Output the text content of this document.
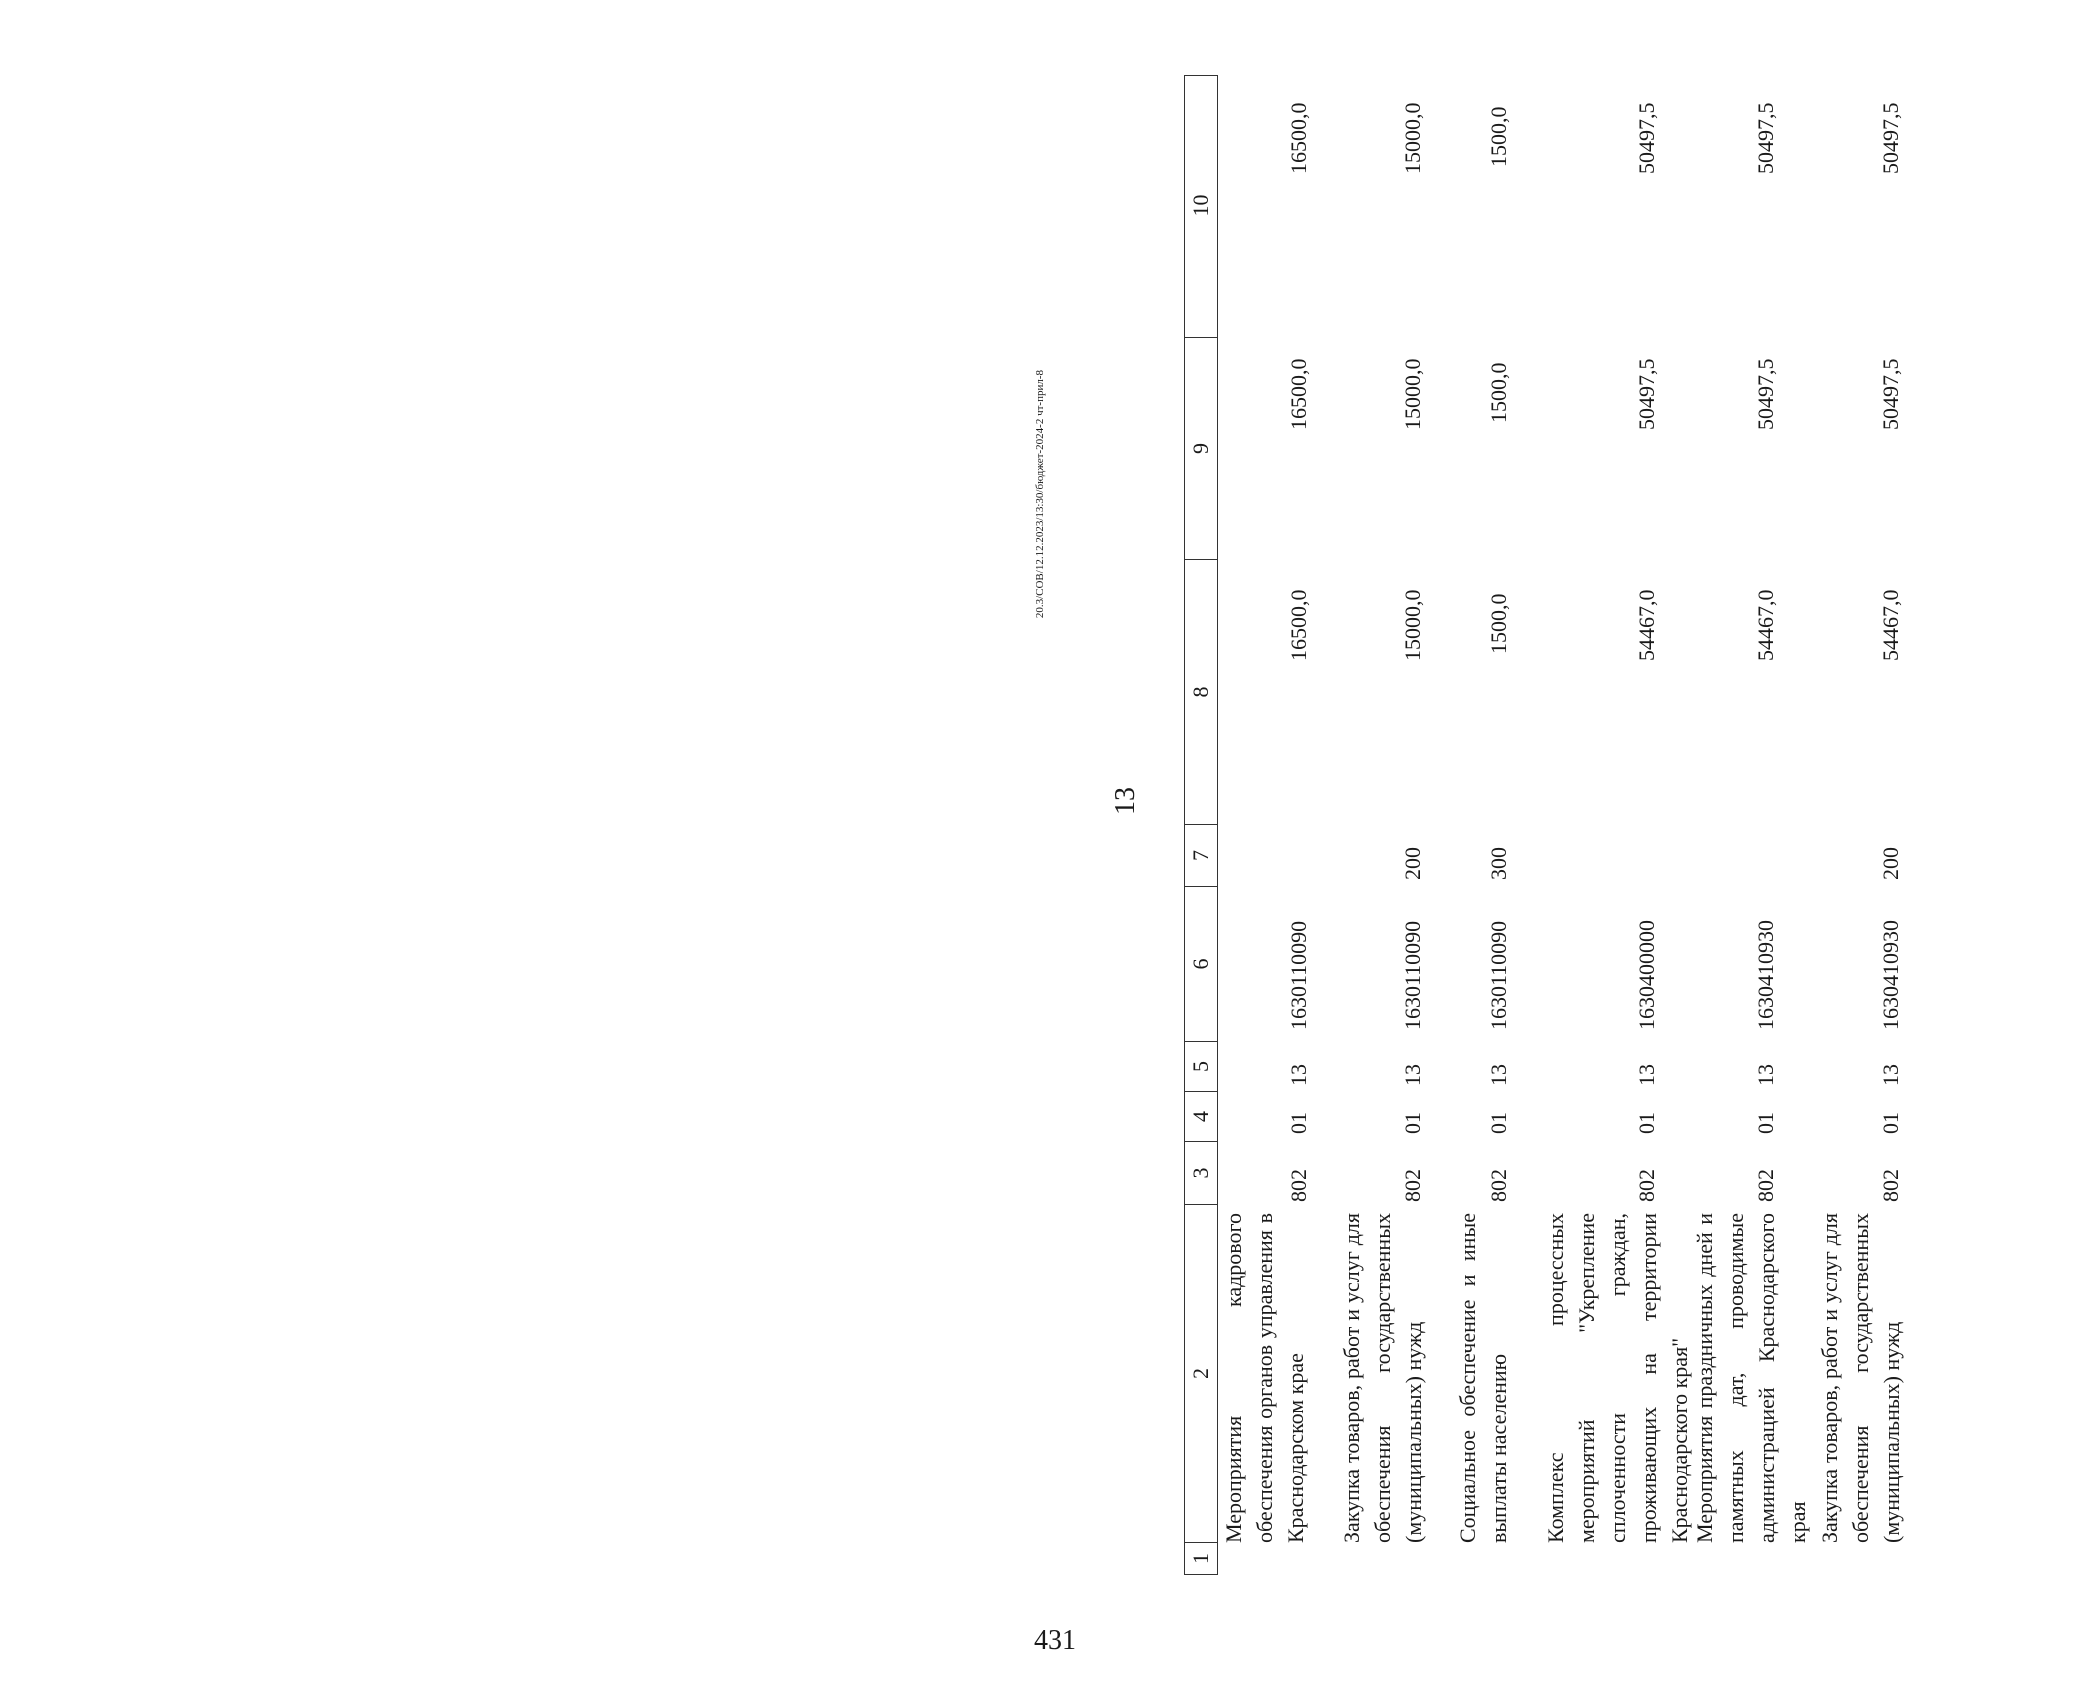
13
1
2
3
4
5
6
7
8
9
10
Мероприятия кадрового обеспечения органов управления в Краснодарском крае
802
01
13
1630110090
16500,0
16500,0
16500,0
Закупка товаров, работ и услуг для обеспечения государственных (муниципальных) нужд
802
01
13
1630110090
200
15000,0
15000,0
15000,0
Социальное обеспечение и иные выплаты населению
802
01
13
1630110090
300
1500,0
1500,0
1500,0
Комплекс процессных мероприятий "Укрепление сплоченности граждан, проживающих на территории Краснодарского края"
802
01
13
1630400000
54467,0
50497,5
50497,5
Мероприятия праздничных дней и памятных дат, проводимые администрацией Краснодарского края
802
01
13
1630410930
54467,0
50497,5
50497,5
Закупка товаров, работ и услуг для обеспечения государственных (муниципальных) нужд
802
01
13
1630410930
200
54467,0
50497,5
50497,5
20.3/СОВ/12.12.2023/13:30/бюджет-2024-2 чт-прил-8
431
